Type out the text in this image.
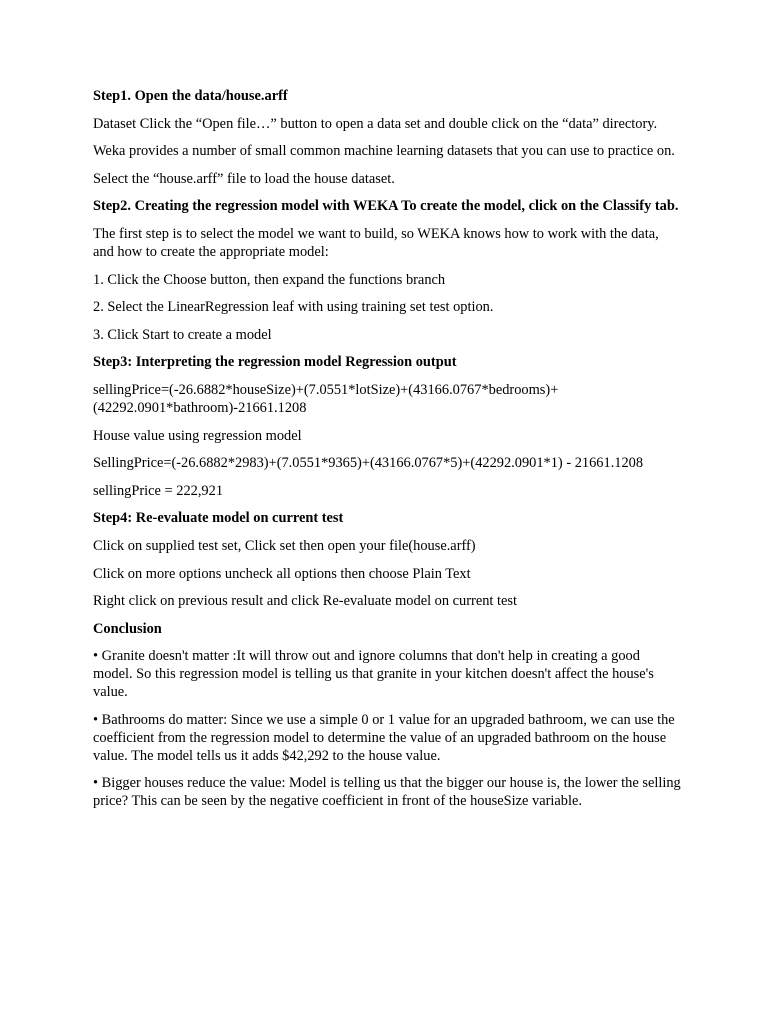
Step1. Open the data/house.arff

Dataset Click the “Open file…” button to open a data set and double click on the “data” directory.

Weka provides a number of small common machine learning datasets that you can use to practice on.

Select the “house.arff” file to load the house dataset.

Step2. Creating the regression model with WEKA To create the model, click on the Classify tab.

The first step is to select the model we want to build, so WEKA knows how to work with the data, and how to create the appropriate model:

1. Click the Choose button, then expand the functions branch

2. Select the LinearRegression leaf with using training set test option.

3. Click Start to create a model

Step3: Interpreting the regression model Regression output

sellingPrice=(-26.6882*houseSize)+(7.0551*lotSize)+(43166.0767*bedrooms)+ (42292.0901*bathroom)-21661.1208

House value using regression model

SellingPrice=(-26.6882*2983)+(7.0551*9365)+(43166.0767*5)+(42292.0901*1) - 21661.1208

sellingPrice = 222,921

Step4: Re-evaluate model on current test

Click on supplied test set, Click set then open your file(house.arff)

Click on more options uncheck all options then choose Plain Text

Right click on previous result and click Re-evaluate model on current test

Conclusion

• Granite doesn't matter :It will throw out and ignore columns that don't help in creating a good model. So this regression model is telling us that granite in your kitchen doesn't affect the house's value.

• Bathrooms do matter: Since we use a simple 0 or 1 value for an upgraded bathroom, we can use the coefficient from the regression model to determine the value of an upgraded bathroom on the house value. The model tells us it adds $42,292 to the house value.

• Bigger houses reduce the value: Model is telling us that the bigger our house is, the lower the selling price? This can be seen by the negative coefficient in front of the houseSize variable.
